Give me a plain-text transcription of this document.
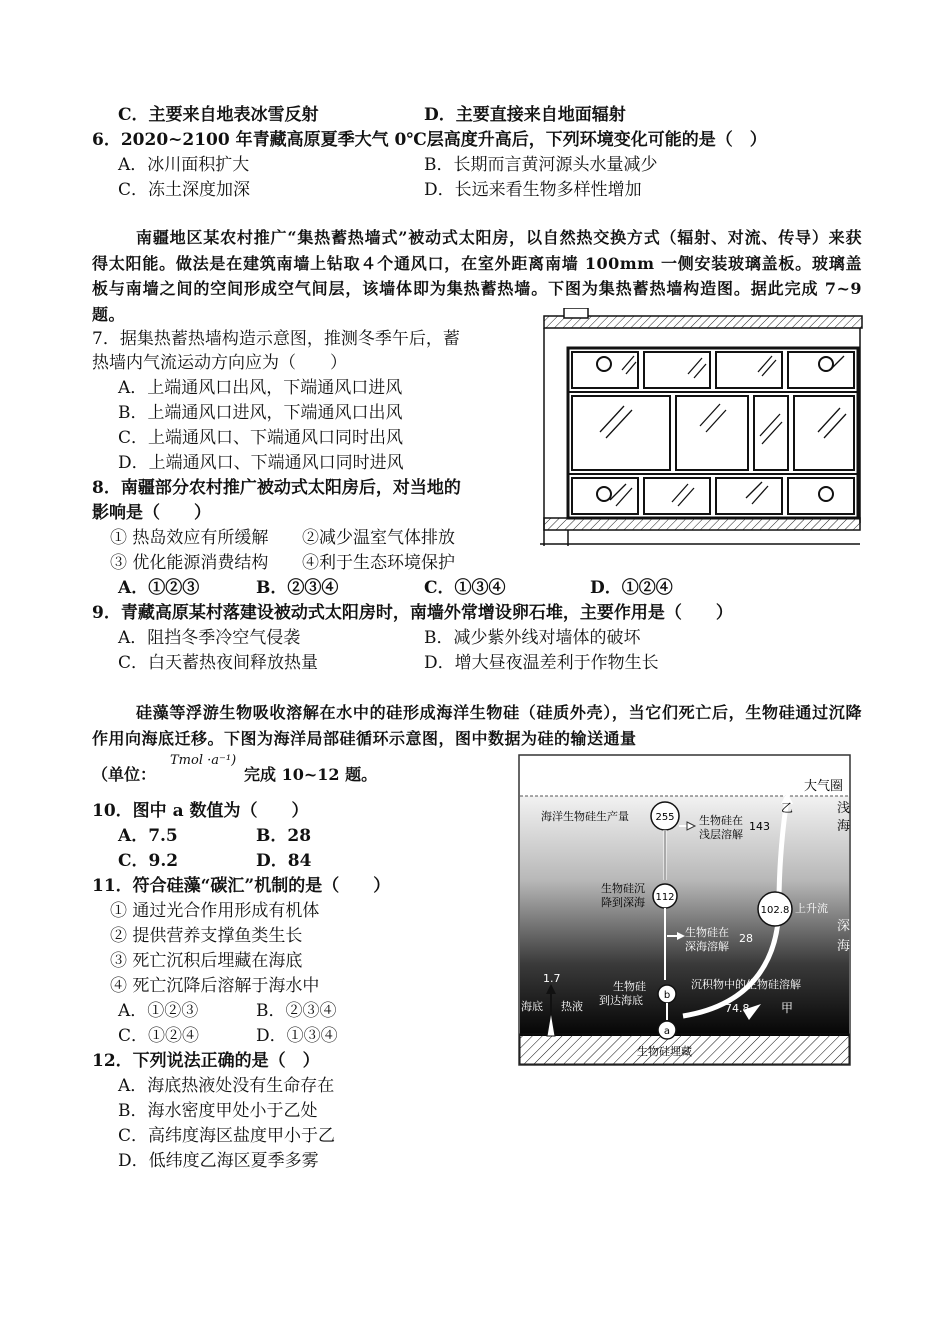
C．主要来自地表冰雪反射	D．主要直接来自地面辐射
6．2020~2100 年青藏高原夏季大气 0℃层高度升高后，下列环境变化可能的是（　）
A．冰川面积扩大	B．长期而言黄河源头水量减少
C．冻土深度加深	D．长远来看生物多样性增加
南疆地区某农村推广“集热蓄热墙式”被动式太阳房，以自然热交换方式（辐射、对流、传导）来获得太阳能。做法是在建筑南墙上钻取４个通风口，在室外距离南墙 100mm 一侧安装玻璃盖板。玻璃盖板与南墙之间的空间形成空气间层，该墙体即为集热蓄热墙。下图为集热蓄热墙构造图。据此完成 7~9 题。
7．据集热蓄热墙构造示意图，推测冬季午后，蓄
热墙内气流运动方向应为（　　）
A．上端通风口出风，下端通风口进风
B．上端通风口进风，下端通风口出风
C．上端通风口、下端通风口同时出风
D．上端通风口、下端通风口同时进风
8．南疆部分农村推广被动式太阳房后，对当地的
影响是（　　）
① 热岛效应有所缓解 ②减少温室气体排放
③ 优化能源消费结构 ④利于生态环境保护
A．①②③	B．②③④	C．①③④	D．①②④
9．青藏高原某村落建设被动式太阳房时，南墙外常增设卵石堆，主要作用是（　　）
A．阻挡冬季冷空气侵袭	B．减少紫外线对墙体的破坏
C．白天蓄热夜间释放热量	D．增大昼夜温差利于作物生长
硅藻等浮游生物吸收溶解在水中的硅形成海洋生物硅（硅质外壳），当它们死亡后，生物硅通过沉降作用向海底迁移。下图为海洋局部硅循环示意图，图中数据为硅的输送通量
（单位：
Tmol ·a⁻¹)
完成 10~12 题。
10．图中 a 数值为（　　）
A．7.5	B．28
C．9.2	D．84
11．符合硅藻“碳汇”机制的是（　　）
① 通过光合作用形成有机体
② 提供营养支撑鱼类生长
③ 死亡沉积后埋藏在海底
④ 死亡沉降后溶解于海水中
A．①②③	B．②③④
C．①②④	D．①③④
12．下列说法正确的是（　）
A．海底热液处没有生命存在
B．海水密度甲处小于乙处
C．高纬度海区盐度甲小于乙
D．低纬度乙海区夏季多雾
大气圈
浅
海
深
海
海洋生物硅生产量	255 生物硅在
浅层溶解
143
生物硅沉
降到深海 112
生物硅在
深海溶解
28
生物硅
到达海底 b
a
生物硅埋藏
乙
102.8 上升流
沉积物中的生物硅溶解
74.8	甲
1.7
海底 热液
